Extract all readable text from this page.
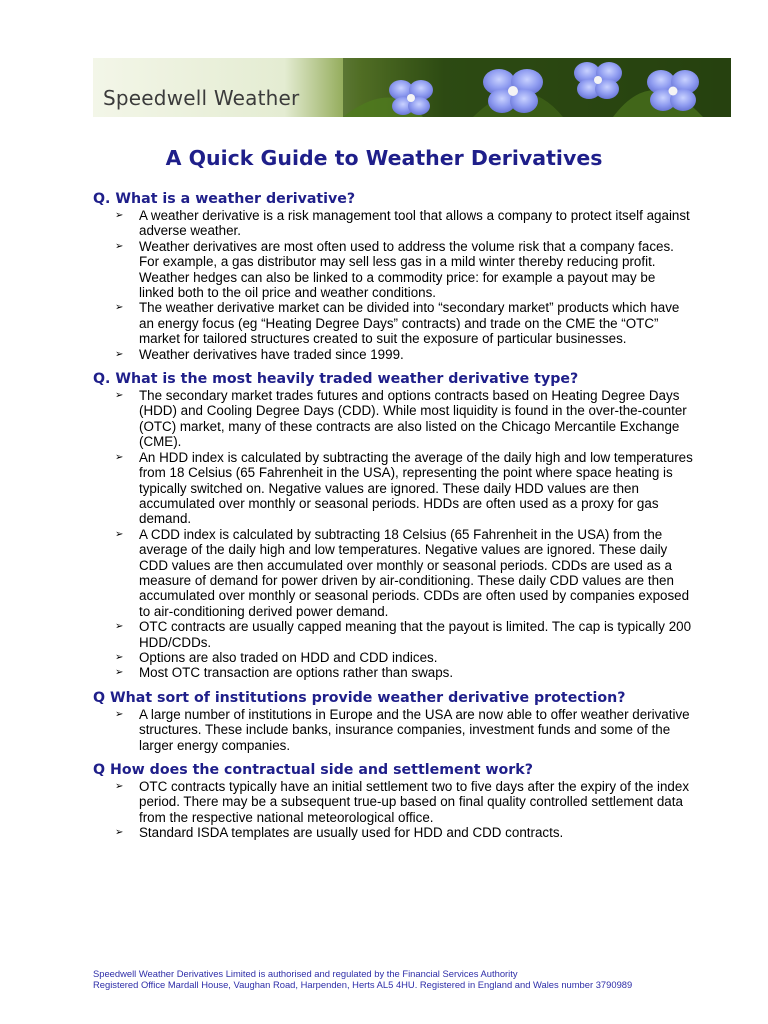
Speedwell Weather
A Quick Guide to Weather Derivatives
Q. What is a weather derivative?
➢ A weather derivative is a risk management tool that allows a company to protect itself against adverse weather.
➢ Weather derivatives are most often used to address the volume risk that a company faces. For example, a gas distributor may sell less gas in a mild winter thereby reducing profit. Weather hedges can also be linked to a commodity price: for example a payout may be linked both to the oil price and weather conditions.
➢ The weather derivative market can be divided into “secondary market” products which have an energy focus (eg “Heating Degree Days” contracts) and trade on the CME the “OTC” market for tailored structures created to suit the exposure of particular businesses.
➢ Weather derivatives have traded since 1999.
Q. What is the most heavily traded weather derivative type?
➢ The secondary market trades futures and options contracts based on Heating Degree Days (HDD) and Cooling Degree Days (CDD). While most liquidity is found in the over-the-counter (OTC) market, many of these contracts are also listed on the Chicago Mercantile Exchange (CME).
➢ An HDD index is calculated by subtracting the average of the daily high and low temperatures from 18 Celsius (65 Fahrenheit in the USA), representing the point where space heating is typically switched on. Negative values are ignored. These daily HDD values are then accumulated over monthly or seasonal periods. HDDs are often used as a proxy for gas demand.
➢ A CDD index is calculated by subtracting 18 Celsius (65 Fahrenheit in the USA) from the average of the daily high and low temperatures. Negative values are ignored. These daily CDD values are then accumulated over monthly or seasonal periods. CDDs are used as a measure of demand for power driven by air-conditioning. These daily CDD values are then accumulated over monthly or seasonal periods. CDDs are often used by companies exposed to air-conditioning derived power demand.
➢ OTC contracts are usually capped meaning that the payout is limited. The cap is typically 200 HDD/CDDs.
➢ Options are also traded on HDD and CDD indices.
➢ Most OTC transaction are options rather than swaps.
Q What sort of institutions provide weather derivative protection?
➢ A large number of institutions in Europe and the USA are now able to offer weather derivative structures. These include banks, insurance companies, investment funds and some of the larger energy companies.
Q How does the contractual side and settlement work?
➢ OTC contracts typically have an initial settlement two to five days after the expiry of the index period. There may be a subsequent true-up based on final quality controlled settlement data from the respective national meteorological office.
➢ Standard ISDA templates are usually used for HDD and CDD contracts.

Speedwell Weather Derivatives Limited is authorised and regulated by the Financial Services Authority

Registered Office Mardall House, Vaughan Road, Harpenden, Herts AL5 4HU. Registered in England and Wales number 3790989
